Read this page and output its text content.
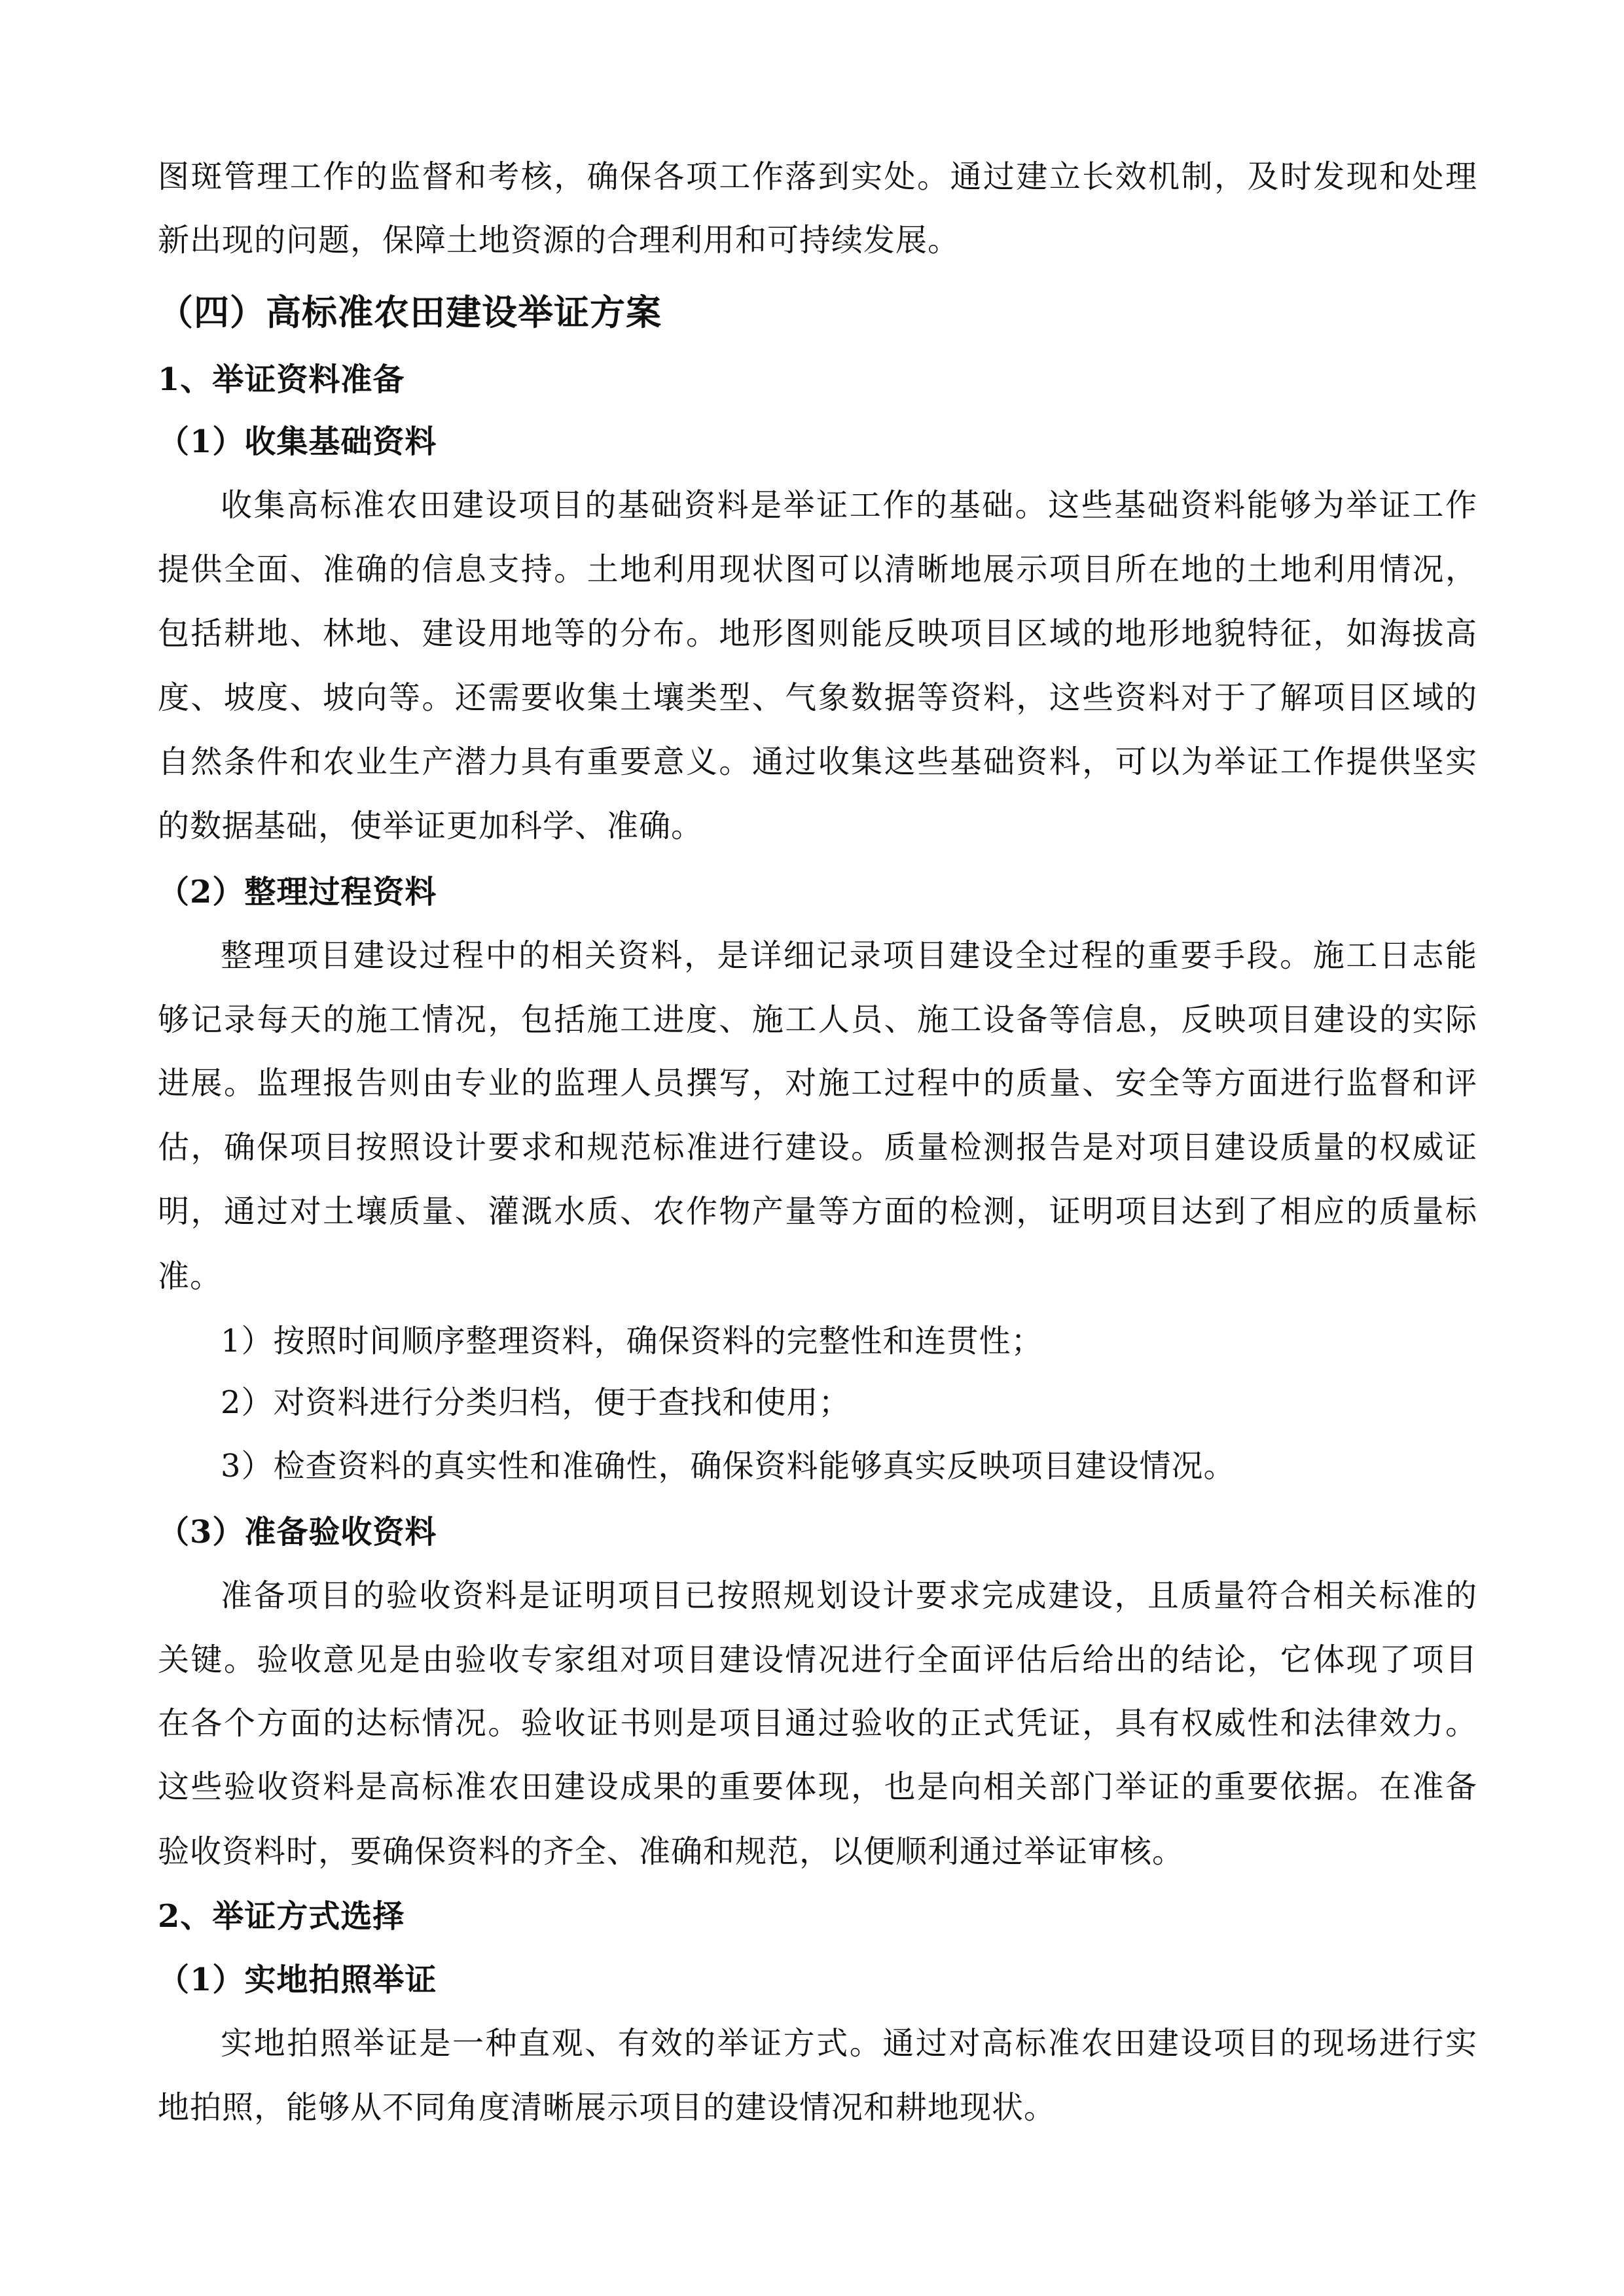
图斑管理工作的监督和考核，确保各项工作落到实处。通过建立长效机制，及时发现和处理
新出现的问题，保障土地资源的合理利用和可持续发展。
（四）高标准农田建设举证方案
1、举证资料准备
（1）收集基础资料
收集高标准农田建设项目的基础资料是举证工作的基础。这些基础资料能够为举证工作
提供全面、准确的信息支持。土地利用现状图可以清晰地展示项目所在地的土地利用情况，
包括耕地、林地、建设用地等的分布。地形图则能反映项目区域的地形地貌特征，如海拔高
度、坡度、坡向等。还需要收集土壤类型、气象数据等资料，这些资料对于了解项目区域的
自然条件和农业生产潜力具有重要意义。通过收集这些基础资料，可以为举证工作提供坚实
的数据基础，使举证更加科学、准确。
（2）整理过程资料
整理项目建设过程中的相关资料，是详细记录项目建设全过程的重要手段。施工日志能
够记录每天的施工情况，包括施工进度、施工人员、施工设备等信息，反映项目建设的实际
进展。监理报告则由专业的监理人员撰写，对施工过程中的质量、安全等方面进行监督和评
估，确保项目按照设计要求和规范标准进行建设。质量检测报告是对项目建设质量的权威证
明，通过对土壤质量、灌溉水质、农作物产量等方面的检测，证明项目达到了相应的质量标
准。
1）按照时间顺序整理资料，确保资料的完整性和连贯性；
2）对资料进行分类归档，便于查找和使用；
3）检查资料的真实性和准确性，确保资料能够真实反映项目建设情况。
（3）准备验收资料
准备项目的验收资料是证明项目已按照规划设计要求完成建设，且质量符合相关标准的
关键。验收意见是由验收专家组对项目建设情况进行全面评估后给出的结论，它体现了项目
在各个方面的达标情况。验收证书则是项目通过验收的正式凭证，具有权威性和法律效力。
这些验收资料是高标准农田建设成果的重要体现，也是向相关部门举证的重要依据。在准备
验收资料时，要确保资料的齐全、准确和规范，以便顺利通过举证审核。
2、举证方式选择
（1）实地拍照举证
实地拍照举证是一种直观、有效的举证方式。通过对高标准农田建设项目的现场进行实
地拍照，能够从不同角度清晰展示项目的建设情况和耕地现状。
